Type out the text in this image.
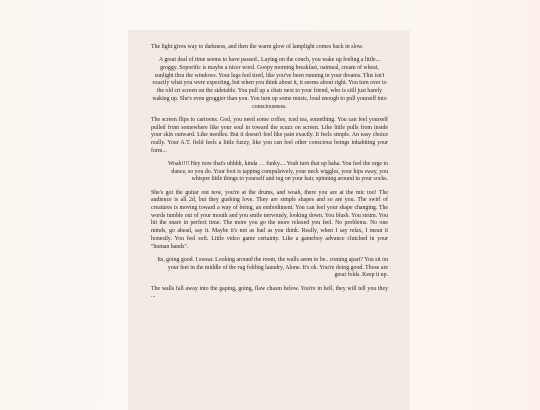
The light gives way to darkness, and then the warm glow of lamplight comes back in slow.

A great deal of time seems to have passed.. Laying on the couch, you wake up feeling a little... groggy. Soporific is maybe a nicer word. Goopy morning breakfast, oatmeal, cream of wheat, sunlight thru the windows. Your legs feel tired, like you've been running in your dreams. This isn't exactly what you were expecting, but when you think about it, it seems about right. You turn over to the old crt screen on the sidetable. You pull up a chair next to your friend, who is still just barely waking up. She's even groggier than you. You turn up some music, loud enough to pull yourself into consciousness.

The screen flips to cartoons. God, you need some coffee, iced tea, something. You can feel yourself pulled from somewhere like your soul in toward the scuzz on screen. Like little pulls from inside your skin outward. Like needles. But it doesn't feel like pain exactly. It feels simple. An easy choice really. Your A.T. field feels a little fuzzy, like you can feel other conscious beings inhabiting your form...

Woah!!!! Hey now that's uhhhh, kinda … funky.... Yeah turn that up haha. You feel the urge to dance, so you do. Your foot is tapping compulsively, your neck wiggles, your hips sway, you whisper little things to yourself and tug on your hair, spinning around in your socks.

She's got the guitar out now, you're at the drums, and woah, there you are at the mic too! The audience is all 2d, but they gushing love. They are simple shapes and so are you. The swirl of creatures is moving toward a way of being, an embodiment. You can feel your shape changing. The words tumble out of your mouth and you smile nervously, looking down. You blush. You strum. You hit the snare in perfect time. The more you go the more relaxed you feel. No problems. No one minds, go ahead, say it. Maybe it's not as bad as you think. Really, when I say relax, I mean it honestly. You feel soft. Little video game certainty. Like a gameboy advance clutched in your "human hands".

Its, going good. I swear. Looking around the room, the walls seem to be.. coming apart? You sit on your feet in the middle of the rug folding laundry, Alone. It's ok. You're doing good. Those are great folds. Keep it up.

The walls fall away into the gaping, going, flaw chasm below. You're in hell, they will tell you they ...
